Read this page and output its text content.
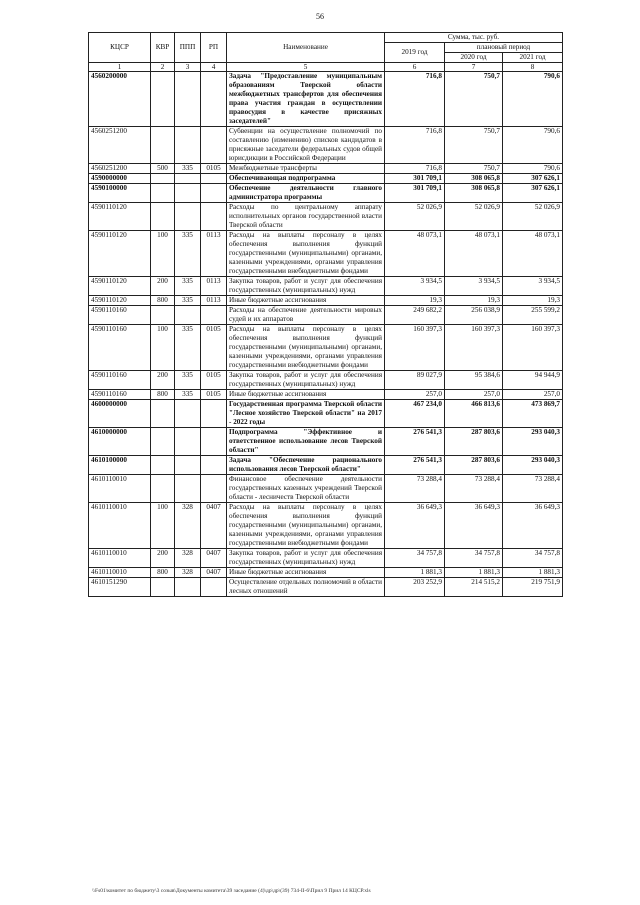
56
КЦСР	КВР	ППП	РП	Наименование	Сумма, тыс. руб.		
					2019 год	плановый период	
						2020 год	2021 год
1	2	3	4	5	6	7	8
4560200000				Задача "Предоставление муниципальным образованиям Тверской области межбюджетных трансфертов для обеспечения права участия граждан в осуществлении правосудия в качестве присяжных заседателей"	716,8	750,7	790,6
4560251200				Субвенции на осуществление полномочий по составлению (изменению) списков кандидатов в присяжные заседатели федеральных судов общей юрисдикции в Российской Федерации	716,8	750,7	790,6
4560251200	500	335	0105	Межбюджетные трансферты	716,8	750,7	790,6
4590000000				Обеспечивающая подпрограмма	301 709,1	308 065,8	307 626,1
4590100000				Обеспечение деятельности главного администратора программы	301 709,1	308 065,8	307 626,1
4590110120				Расходы по центральному аппарату исполнительных органов государственной власти Тверской области	52 026,9	52 026,9	52 026,9
4590110120	100	335	0113	Расходы на выплаты персоналу в целях обеспечения выполнения функций государственными (муниципальными) органами, казенными учреждениями, органами управления государственными внебюджетными фондами	48 073,1	48 073,1	48 073,1
4590110120	200	335	0113	Закупка товаров, работ и услуг для обеспечения государственных (муниципальных) нужд	3 934,5	3 934,5	3 934,5
4590110120	800	335	0113	Иные бюджетные ассигнования	19,3	19,3	19,3
4590110160				Расходы на обеспечение деятельности мировых судей и их аппаратов	249 682,2	256 038,9	255 599,2
4590110160	100	335	0105	Расходы на выплаты персоналу в целях обеспечения выполнения функций государственными (муниципальными) органами, казенными учреждениями, органами управления государственными внебюджетными фондами	160 397,3	160 397,3	160 397,3
4590110160	200	335	0105	Закупка товаров, работ и услуг для обеспечения государственных (муниципальных) нужд	89 027,9	95 384,6	94 944,9
4590110160	800	335	0105	Иные бюджетные ассигнования	257,0	257,0	257,0
4600000000				Государственная программа Тверской области "Лесное хозяйство Тверской области" на 2017 - 2022 годы	467 234,0	466 813,6	473 869,7
4610000000				Подпрограмма "Эффективное и ответственное использование лесов Тверской области"	276 541,3	287 803,6	293 040,3
4610100000				Задача "Обеспечение рационального использования лесов Тверской области"	276 541,3	287 803,6	293 040,3
4610110010				Финансовое обеспечение деятельности государственных казенных учреждений Тверской области - лесничеств Тверской области	73 288,4	73 288,4	73 288,4
4610110010	100	328	0407	Расходы на выплаты персоналу в целях обеспечения выполнения функций государственными (муниципальными) органами, казенными учреждениями, органами управления государственными внебюджетными фондами	36 649,3	36 649,3	36 649,3
4610110010	200	328	0407	Закупка товаров, работ и услуг для обеспечения государственных (муниципальных) нужд	34 757,8	34 757,8	34 757,8
4610110010	800	328	0407	Иные бюджетные ассигнования	1 881,3	1 881,3	1 881,3
4610151290				Осуществление отдельных полномочий в области лесных отношений	203 252,9	214 515,2	219 751,9
\\Fs01\комитет по бюджету\3 созыв\Документы комитета\39 заседание (4)\др\др\(39) 734-II-6\Прил 9 Прил 14 КЦСР.xls
